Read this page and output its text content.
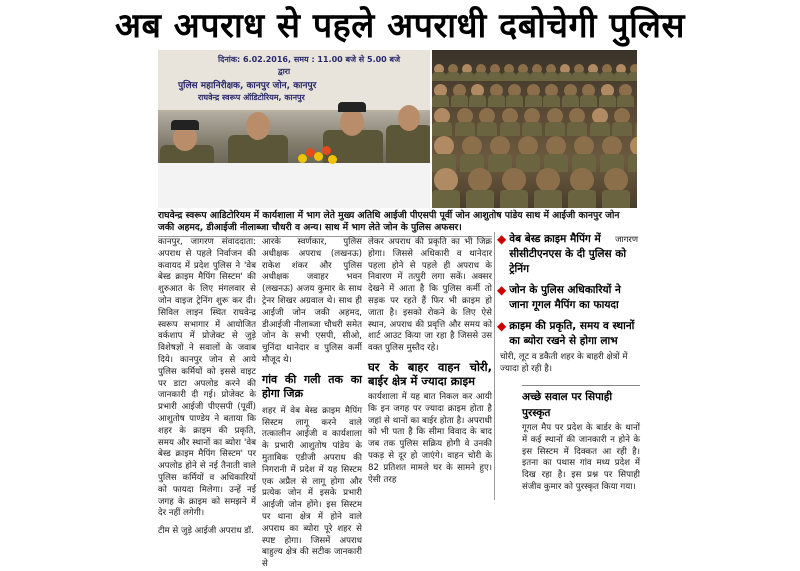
अब अपराध से पहले अपराधी दबोचेगी पुलिस
दिनांक: 6.02.2016, समय : 11.00 बजे से 5.00 बजे
द्वारा
पुलिस महानिरीक्षक, कानपुर जोन, कानपुर
राघवेन्द्र स्वरूप ऑडिटोरियम, कानपुर
राघवेन्द्र स्वरूप आडिटोरियम में कार्यशाला में भाग लेते मुख्य अतिथि आईजी पीएसपी पूर्वी जोन आशुतोष पांडेय साथ में आईजी कानपुर जोन जकी अहमद, डीआईजी नीलाब्जा चौधरी व अन्य। साथ में भाग लेते जोन के पुलिस अफसर।
जागरण
कानपुर, जागरण संवाददाता: अपराध से पहले निर्वाजन की कवायद में प्रदेश पुलिस ने 'वेब बेस्ड क्राइम मैपिंग सिस्टम' की शुरुआत के लिए मंगलवार से जोन वाइज ट्रेनिंग शुरू कर दी। सिविल लाइन स्थित राघवेन्द्र स्वरूप सभागार में आयोजित वर्कशाप में प्रोजेक्ट से जुड़े विशेषज्ञों ने सवालों के जवाब दिये। कानपुर जोन से आये पुलिस कर्मियों को इससे वाइट पर डाटा अपलोड करने की जानकारी दी गई। प्रोजेक्ट के प्रभारी आईजी पीएसपी (पूर्वी) आशुतोष पाण्डेय ने बताया कि शहर के क्राइम की प्रकृति, समय और स्थानों का ब्योरा 'वेब बेस्ड क्राइम मैपिंग सिस्टम' पर अपलोड होने से नई तैनाती वाले पुलिस कर्मियों व अधिकारियों को फायदा मिलेगा। उन्हें नई जगह के क्राइम को समझने में देर नहीं लगेगी।
टीम से जुड़े आईजी अपराध डॉ.
आरके स्वर्णकार, पुलिस अधीक्षक अपराध (लखनऊ) राकेश शंकर और पुलिस अधीक्षक जवाहर भवन (लखनऊ) अजय कुमार के साथ ट्रेनर शिखर अग्रवाल थे। साथ ही आईजी जोन जकी अहमद, डीआईजी नीलाब्जा चौधरी समेत जोन के सभी एसपी, सीओ, चुनिंदा थानेदार व पुलिस कर्मी मौजूद थे।
गांव की गली तक का होगा जिक्र
शहर में वेब बेस्ड क्राइम मैपिंग सिस्टम लागू करने वाले तत्कालीन आईजी व कार्यशाला के प्रभारी आशुतोष पांडेय के मुताबिक एडीजी अपराध की निगरानी में प्रदेश में यह सिस्टम एक अप्रैल से लागू होगा और प्रत्येक जोन में इसके प्रभारी आईजी जोन होंगे। इस सिस्टम पर थाना क्षेत्र में होने वाले अपराध का ब्योरा पूरे शहर से स्पष्ट होगा। जिसमें अपराध बाहुल्य क्षेत्र की सटीक जानकारी से
लेकर अपराध की प्रकृति का भी जिक्र होगा। जिससे अधिकारी व थानेदार पहला होने से पहले ही अपराध के निवारण में तत्पुरी लगा सकें। अक्सर देखने में आता है कि पुलिस कर्मी तो सड़क पर रहते हैं फिर भी क्राइम हो जाता है। इसको रोकने के लिए ऐसे स्थान, अपराध की प्रवृत्ति और समय को शार्ट आउट किया जा रहा है जिससे उस वक्त पुलिस मुस्तैद रहे।
घर के बाहर वाहन चोरी, बाईर क्षेत्र में ज्यादा क्राइम
कार्यशाला में यह बात निकल कर आयी कि इन जगह पर ज्यादा क्राइम होता है जहां से थानों का बाईर होता है। अपराधी को भी पता है कि सीमा विवाद के बाद जब तक पुलिस सक्रिय होगी वे उनकी पकड़ से दूर हो जाएंगे। वाहन चोरी के 82 प्रतिशत मामले घर के सामने हुए। ऐसी तरह
◆ वेब बेस्ड क्राइम मैपिंग में सीसीटीएनएस के दी पुलिस को ट्रेनिंग
◆ जोन के पुलिस अधिकारियों ने जाना गूगल मैपिंग का फायदा
◆ क्राइम की प्रकृति, समय व स्थानों का ब्योरा रखने से होगा लाभ
चोरी, लूट व डकैती शहर के बाहरी क्षेत्रों में ज्यादा हो रही है।
अच्छे सवाल पर सिपाही पुरस्कृत
गूगल मैप पर प्रदेश के बार्डर के थानों में कई स्थानों की जानकारी न होने के इस सिस्टम में दिक्कत आ रही है। इतना का पथास गांव मध्य प्रदेश में दिख रहा है। इस प्रश्न पर सिपाही संजीव कुमार को पुरस्कृत किया गया।
